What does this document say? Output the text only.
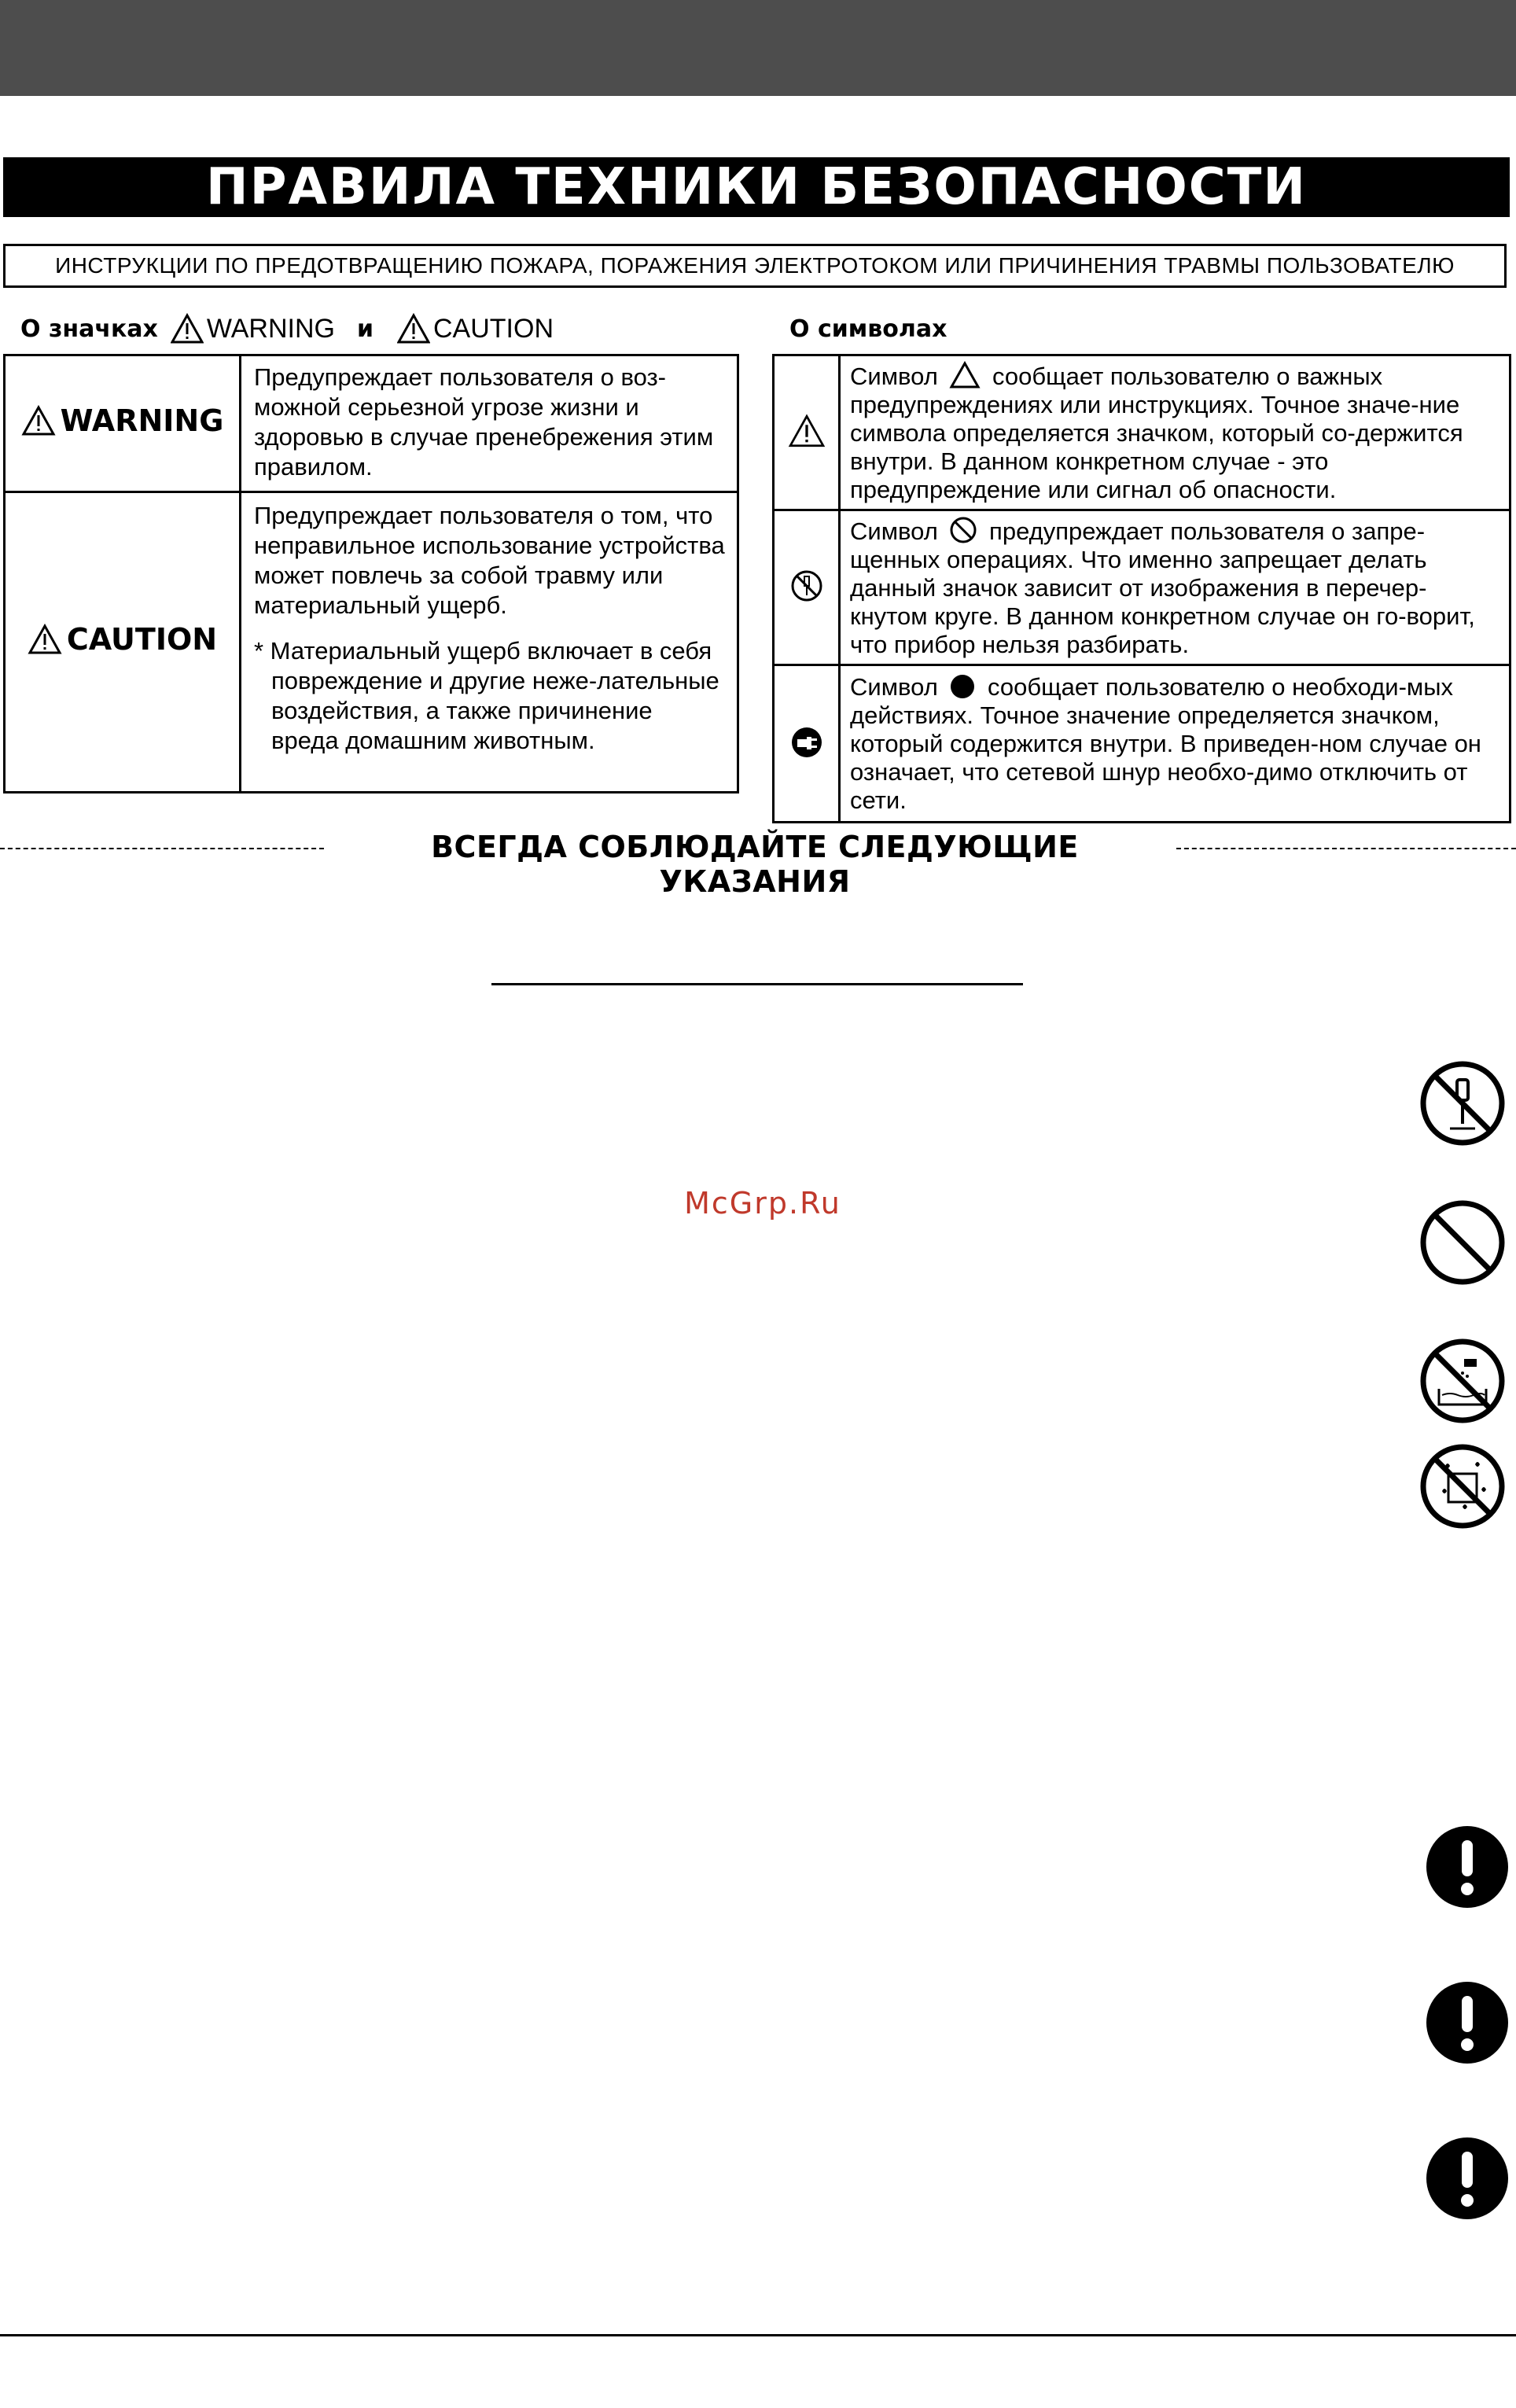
ПРАВИЛА ТЕХНИКИ БЕЗОПАСНОСТИ
ИНСТРУКЦИИ ПО ПРЕДОТВРАЩЕНИЮ ПОЖАРА, ПОРАЖЕНИЯ ЭЛЕКТРОТОКОМ ИЛИ ПРИЧИНЕНИЯ ТРАВМЫ ПОЛЬЗОВАТЕЛЮ
О значках WARNING и CAUTION	О символах
WARNING	Предупреждает пользователя о воз-можной серьезной угрозе жизни и здоровью в случае пренебрежения этим правилом.

CAUTION	Предупреждает пользователя о том, что неправильное использование устройства может повлечь за собой травму или материальный ущерб.
* Материальный ущерб включает в себя повреждение и другие неже-лательные воздействия, а также причинение вреда домашним животным.
	Символ сообщает пользователю о важных предупреждениях или инструкциях. Точное значе-ние символа определяется значком, который со-держится внутри. В данном конкретном случае - это предупреждение или сигнал об опасности.
	Символ предупреждает пользователя о запре-щенных операциях. Что именно запрещает делать данный значок зависит от изображения в перечер-кнутом круге. В данном конкретном случае он го-ворит, что прибор нельзя разбирать.
	Символ сообщает пользователю о необходи-мых действиях. Точное значение определяется значком, который содержится внутри. В приведен-ном случае он означает, что сетевой шнур необхо-димо отключить от сети.
ВСЕГДА СОБЛЮДАЙТЕ СЛЕДУЮЩИЕ УКАЗАНИЯ
McGrp.Ru
